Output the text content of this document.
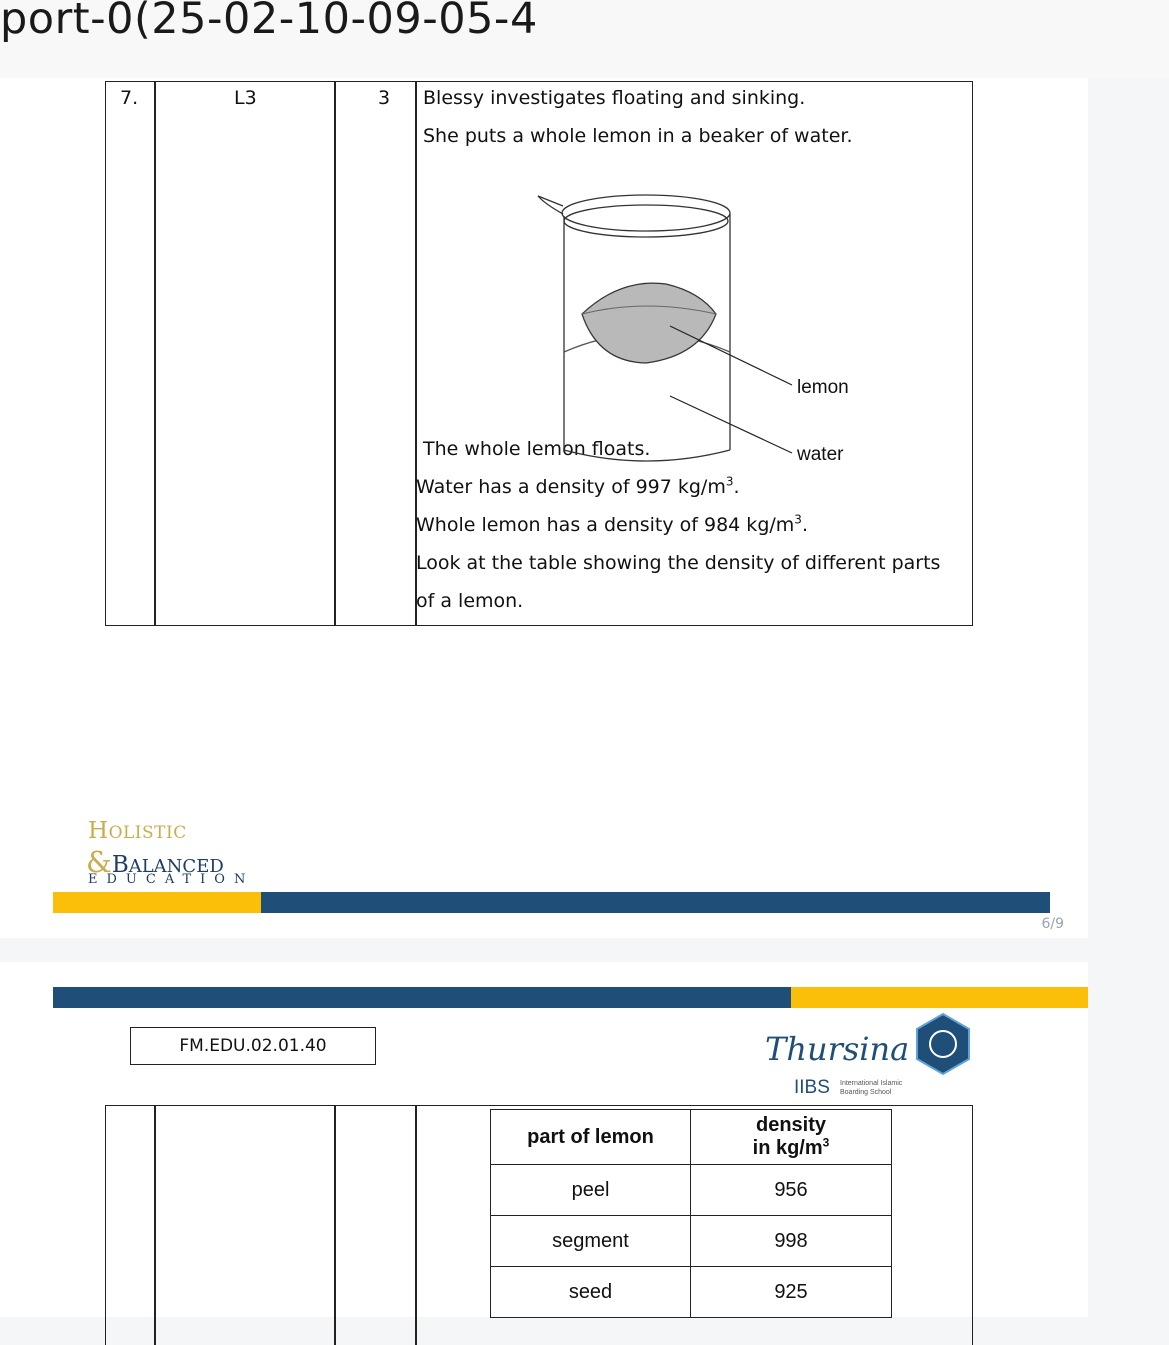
port-0(25-02-10-09-05-4
7.	L3	3 Blessy investigates floating and sinking.
She puts a whole lemon in a beaker of water.
The whole lemon floats.
Water has a density of 997 $kg/m^3$.
Whole lemon has a density of 984 $kg/m^3$.
Look at the table showing the density of different parts
of a lemon.
lemon
water
HOLISTIC
&BALANCED
EDUCATION
6/9
FM.EDU.02.01.40	Thursina
IIBS International Islamic
Boarding School
part of lemon	density
in $kg/m^3$
peel	956
segment	998
seed	925
